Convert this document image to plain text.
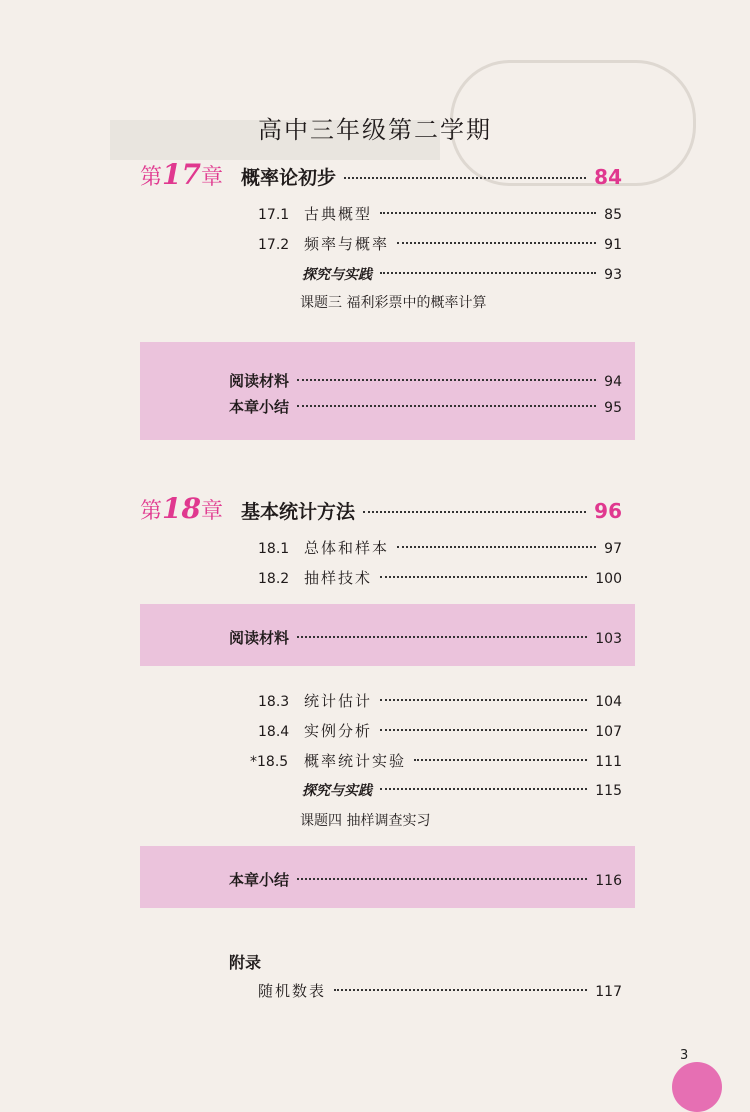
高中三年级第二学期
第17章 概率论初步	84
17.1 古典概型	85
17.2 频率与概率	91
探究与实践	93
课题三 福利彩票中的概率计算
阅读材料	94
本章小结	95
第18章 基本统计方法	96
18.1 总体和样本	97
18.2 抽样技术	100
阅读材料	103
18.3 统计估计	104
18.4 实例分析	107
*18.5	概率统计实验	111
探究与实践	115
课题四 抽样调查实习
本章小结	116
附录
随机数表	117
3
